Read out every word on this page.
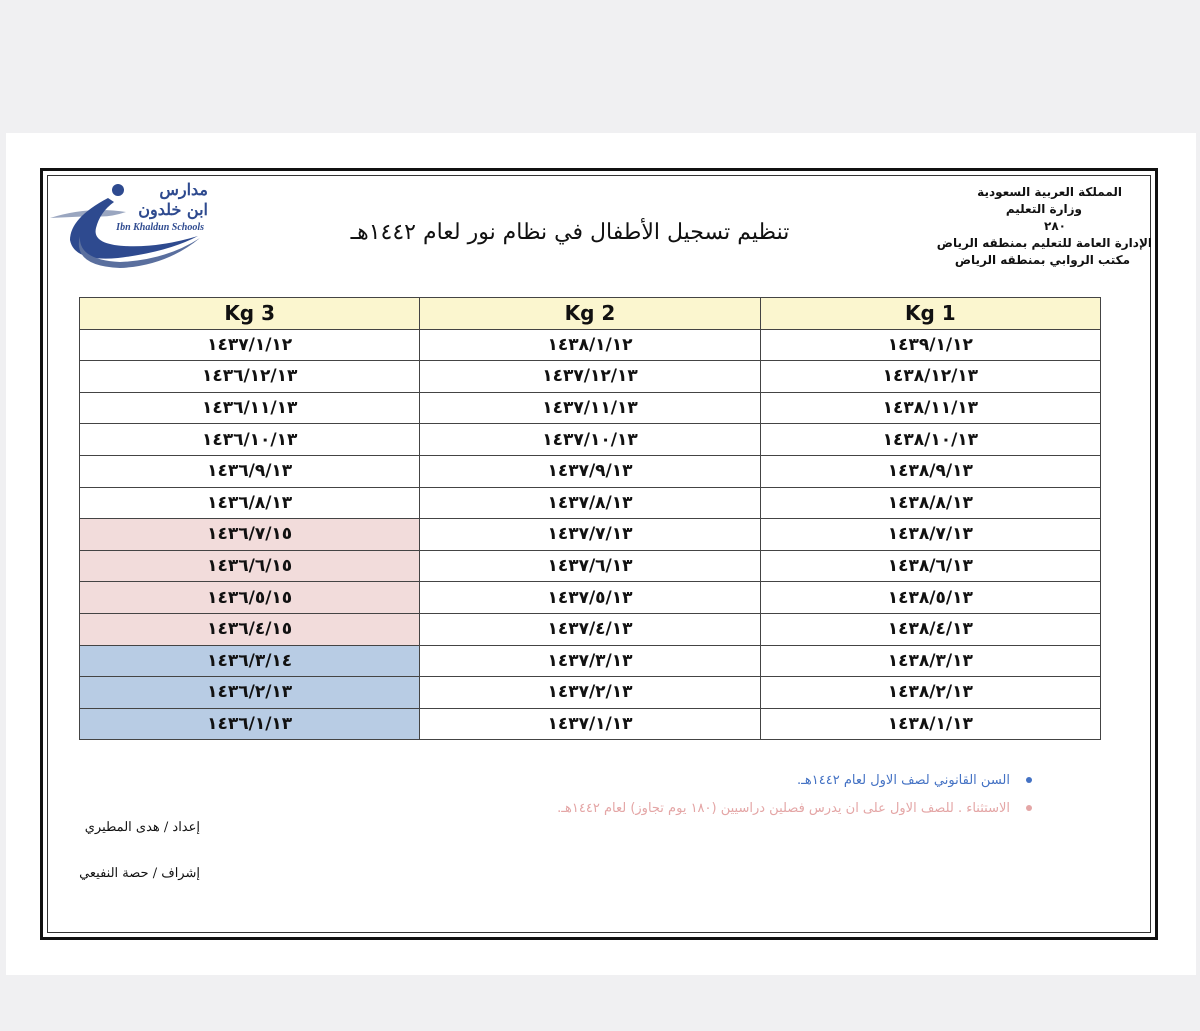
مدارس
ابن خلدون
Ibn Khaldun Schools
المملكة العربية السعودية
وزارة التعليم
٢٨٠
الإدارة العامة للتعليم بمنطقه الرياض
مكتب الروابي بمنطقه الرياض
تنظيم تسجيل الأطفال في نظام نور لعام ١٤٤٢هـ
Kg 3	Kg 2	Kg 1
١٤٣٧/١/١٢	١٤٣٨/١/١٢	١٤٣٩/١/١٢
١٤٣٦/١٢/١٣	١٤٣٧/١٢/١٣	١٤٣٨/١٢/١٣
١٤٣٦/١١/١٣	١٤٣٧/١١/١٣	١٤٣٨/١١/١٣
١٤٣٦/١٠/١٣	١٤٣٧/١٠/١٣	١٤٣٨/١٠/١٣
١٤٣٦/٩/١٣	١٤٣٧/٩/١٣	١٤٣٨/٩/١٣
١٤٣٦/٨/١٣	١٤٣٧/٨/١٣	١٤٣٨/٨/١٣
١٤٣٦/٧/١٥	١٤٣٧/٧/١٣	١٤٣٨/٧/١٣
١٤٣٦/٦/١٥	١٤٣٧/٦/١٣	١٤٣٨/٦/١٣
١٤٣٦/٥/١٥	١٤٣٧/٥/١٣	١٤٣٨/٥/١٣
١٤٣٦/٤/١٥	١٤٣٧/٤/١٣	١٤٣٨/٤/١٣
١٤٣٦/٣/١٤	١٤٣٧/٣/١٣	١٤٣٨/٣/١٣
١٤٣٦/٢/١٣	١٤٣٧/٢/١٣	١٤٣٨/٢/١٣
١٤٣٦/١/١٣	١٤٣٧/١/١٣	١٤٣٨/١/١٣
السن القانوني لصف الاول لعام ١٤٤٢هـ.
الاستثناء . للصف الاول على ان يدرس فصلين دراسيين (١٨٠ يوم تجاوز) لعام ١٤٤٢هـ.
إعداد / هدى المطيري
إشراف / حصة النفيعي
